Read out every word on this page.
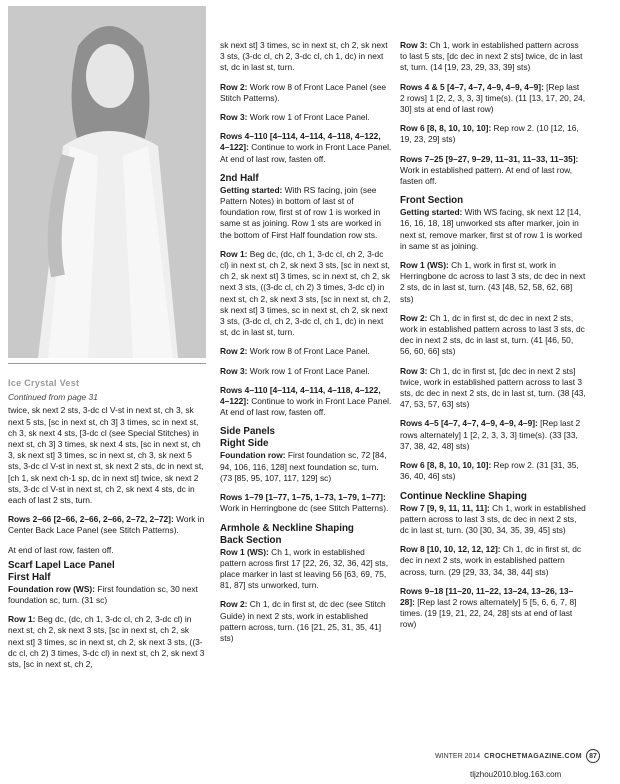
Ice Crystal Vest
Continued from page 31

twice, sk next 2 sts, 3-dc cl V-st in next st, ch 3, sk next 5 sts, [sc in next st, ch 3] 3 times, sc in next st, ch 3, sk next 4 sts, [3-dc cl (see Special Stitches) in next st, ch 3] 3 times, sk next 4 sts, [sc in next st, ch 3, sk next st] 3 times, sc in next st, ch 3, sk next 5 sts, 3-dc cl V-st in next st, sk next 2 sts, dc in next st, [ch 1, sk next ch-1 sp, dc in next st] twice, sk next 2 sts, 3-dc cl V-st in next st, ch 2, sk next 4 sts, dc in each of last 2 sts, turn.

Rows 2–66 [2–66, 2–66, 2–66, 2–72, 2–72]: Work in Center Back Lace Panel (see Stitch Patterns).

At end of last row, fasten off.

Scarf Lapel Lace Panel
First Half

Foundation row (WS): First foundation sc, 30 next foundation sc, turn. (31 sc)

Row 1: Beg dc, (dc, ch 1, 3-dc cl, ch 2, 3-dc cl) in next st, ch 2, sk next 3 sts, [sc in next st, ch 2, sk next st] 3 times, sc in next st, ch 2, sk next 3 sts, ((3-dc cl, ch 2) 3 times, 3-dc cl) in next st, ch 2, sk next 3 sts, [sc in next st, ch 2,

sk next st] 3 times, sc in next st, ch 2, sk next 3 sts, (3-dc cl, ch 2, 3-dc cl, ch 1, dc) in next st, dc in last st, turn.

Row 2: Work row 8 of Front Lace Panel (see Stitch Patterns).

Row 3: Work row 1 of Front Lace Panel.

Rows 4–110 [4–114, 4–114, 4–118, 4–122, 4–122]: Continue to work in Front Lace Panel. At end of last row, fasten off.

2nd Half

Getting started: With RS facing, join (see Pattern Notes) in bottom of last st of foundation row, first st of row 1 is worked in same st as joining. Row 1 sts are worked in the bottom of First Half foundation row sts.

Row 1: Beg dc, (dc, ch 1, 3-dc cl, ch 2, 3-dc cl) in next st, ch 2, sk next 3 sts, [sc in next st, ch 2, sk next st] 3 times, sc in next st, ch 2, sk next 3 sts, ((3-dc cl, ch 2) 3 times, 3-dc cl) in next st, ch 2, sk next 3 sts, [sc in next st, ch 2, sk next st] 3 times, sc in next st, ch 2, sk next 3 sts, (3-dc cl, ch 2, 3-dc cl, ch 1, dc) in next st, dc in last st, turn.

Row 2: Work row 8 of Front Lace Panel.

Row 3: Work row 1 of Front Lace Panel.

Rows 4–110 [4–114, 4–114, 4–118, 4–122, 4–122]: Continue to work in Front Lace Panel. At end of last row, fasten off.

Side Panels
Right Side

Foundation row: First foundation sc, 72 [84, 94, 106, 116, 128] next foundation sc, turn. (73 [85, 95, 107, 117, 129] sc)

Rows 1–79 [1–77, 1–75, 1–73, 1–79, 1–77]: Work in Herringbone dc (see Stitch Patterns).

Armhole & Neckline Shaping
Back Section

Row 1 (WS): Ch 1, work in established pattern across first 17 [22, 26, 32, 36, 42] sts, place marker in last st leaving 56 [63, 69, 75, 81, 87] sts unworked, turn.

Row 2: Ch 1, dc in first st, dc dec (see Stitch Guide) in next 2 sts, work in established pattern across, turn. (16 [21, 25, 31, 35, 41] sts)

Row 3: Ch 1, work in established pattern across to last 5 sts, [dc dec in next 2 sts] twice, dc in last st, turn. (14 [19, 23, 29, 33, 39] sts)

Rows 4 & 5 [4–7, 4–7, 4–9, 4–9, 4–9]: [Rep last 2 rows] 1 [2, 2, 3, 3, 3] time(s). (11 [13, 17, 20, 24, 30] sts at end of last row)

Row 6 [8, 8, 10, 10, 10]: Rep row 2. (10 [12, 16, 19, 23, 29] sts)

Rows 7–25 [9–27, 9–29, 11–31, 11–33, 11–35]: Work in established pattern. At end of last row, fasten off.

Front Section

Getting started: With WS facing, sk next 12 [14, 16, 16, 18, 18] unworked sts after marker, join in next st, remove marker, first st of row 1 is worked in same st as joining.

Row 1 (WS): Ch 1, work in first st, work in Herringbone dc across to last 3 sts, dc dec in next 2 sts, dc in last st, turn. (43 [48, 52, 58, 62, 68] sts)

Row 2: Ch 1, dc in first st, dc dec in next 2 sts, work in established pattern across to last 3 sts, dc dec in next 2 sts, dc in last st, turn. (41 [46, 50, 56, 60, 66] sts)

Row 3: Ch 1, dc in first st, [dc dec in next 2 sts] twice, work in established pattern across to last 3 sts, dc dec in next 2 sts, dc in last st, turn. (38 [43, 47, 53, 57, 63] sts)

Rows 4–5 [4–7, 4–7, 4–9, 4–9, 4–9]: [Rep last 2 rows alternately] 1 [2, 2, 3, 3, 3] time(s). (33 [33, 37, 38, 42, 48] sts)

Row 6 [8, 8, 10, 10, 10]: Rep row 2. (31 [31, 35, 36, 40, 46] sts)

Continue Neckline Shaping

Row 7 [9, 9, 11, 11, 11]: Ch 1, work in established pattern across to last 3 sts, dc dec in next 2 sts, dc in last st, turn. (30 [30, 34, 35, 39, 45] sts)

Row 8 [10, 10, 12, 12, 12]: Ch 1, dc in first st, dc dec in next 2 sts, work in established pattern across, turn. (29 [29, 33, 34, 38, 44] sts)

Rows 9–18 [11–20, 11–22, 13–24, 13–26, 13–28]: [Rep last 2 rows alternately] 5 [5, 6, 6, 7, 8] times. (19 [19, 21, 22, 24, 28] sts at end of last row)

WINTER 2014 CROCHETMAGAZINE.COM	87
tljzhou2010.blog.163.com
